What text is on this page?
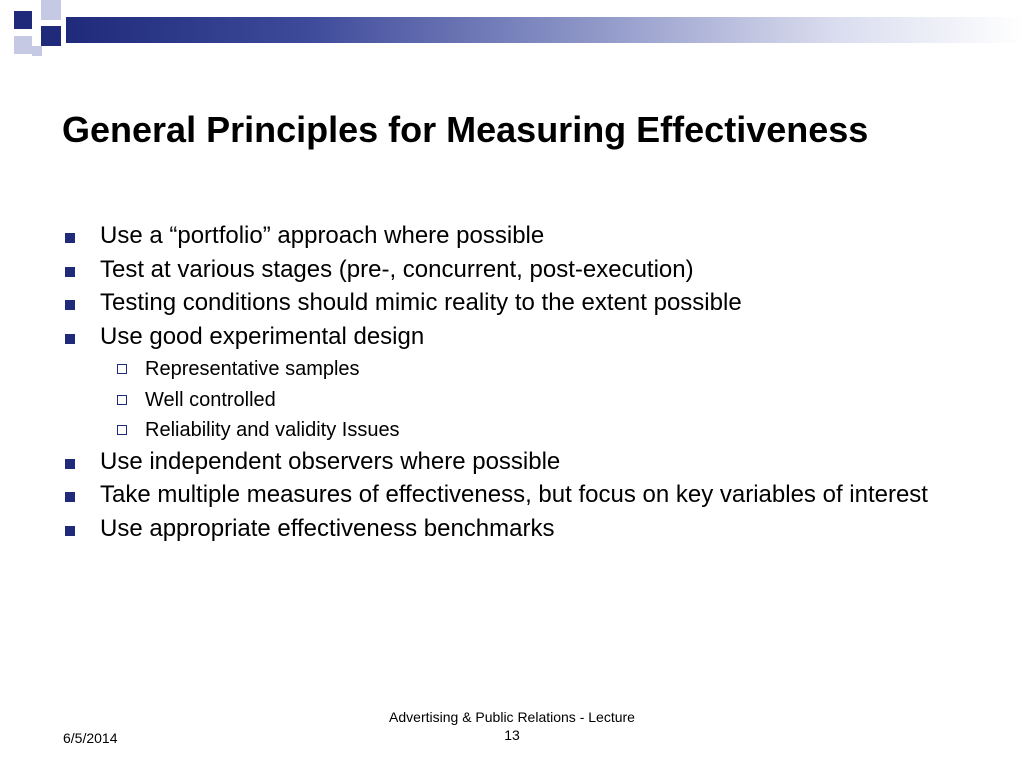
General Principles for Measuring Effectiveness
Use a “portfolio” approach where possible
Test at various stages (pre-, concurrent, post-execution)
Testing conditions should mimic reality to the extent possible
Use good experimental design
Representative samples
Well controlled
Reliability and validity Issues
Use independent observers where possible
Take multiple measures of effectiveness, but focus on key variables of interest
Use appropriate effectiveness benchmarks
6/5/2014
Advertising & Public Relations - Lecture
13
